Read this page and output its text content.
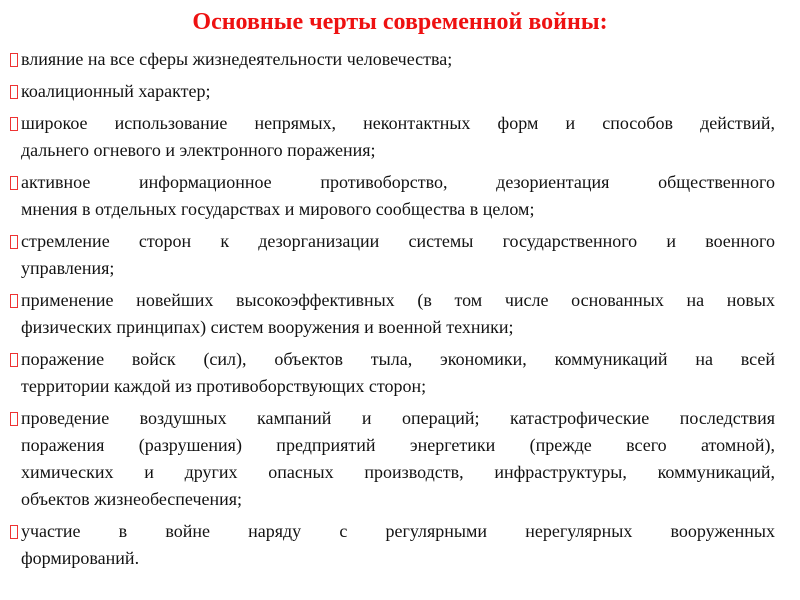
Основные черты современной войны:
влияние на все сферы жизнедеятельности человечества;
коалиционный характер;
широкое использование непрямых, неконтактных форм и способов действий,
дальнего огневого и электронного поражения;
активное информационное противоборство, дезориентация общественного
мнения в отдельных государствах и мирового сообщества в целом;
стремление сторон к дезорганизации системы государственного и военного
управления;
применение новейших высокоэффективных (в том числе основанных на новых
физических принципах) систем вооружения и военной техники;
поражение войск (сил), объектов тыла, экономики, коммуникаций на всей
территории каждой из противоборствующих сторон;
проведение воздушных кампаний и операций; катастрофические последствия
поражения (разрушения) предприятий энергетики (прежде всего атомной),
химических и других опасных производств, инфраструктуры, коммуникаций,
объектов жизнеобеспечения;
участие в войне наряду с регулярными нерегулярных вооруженных
формирований.
